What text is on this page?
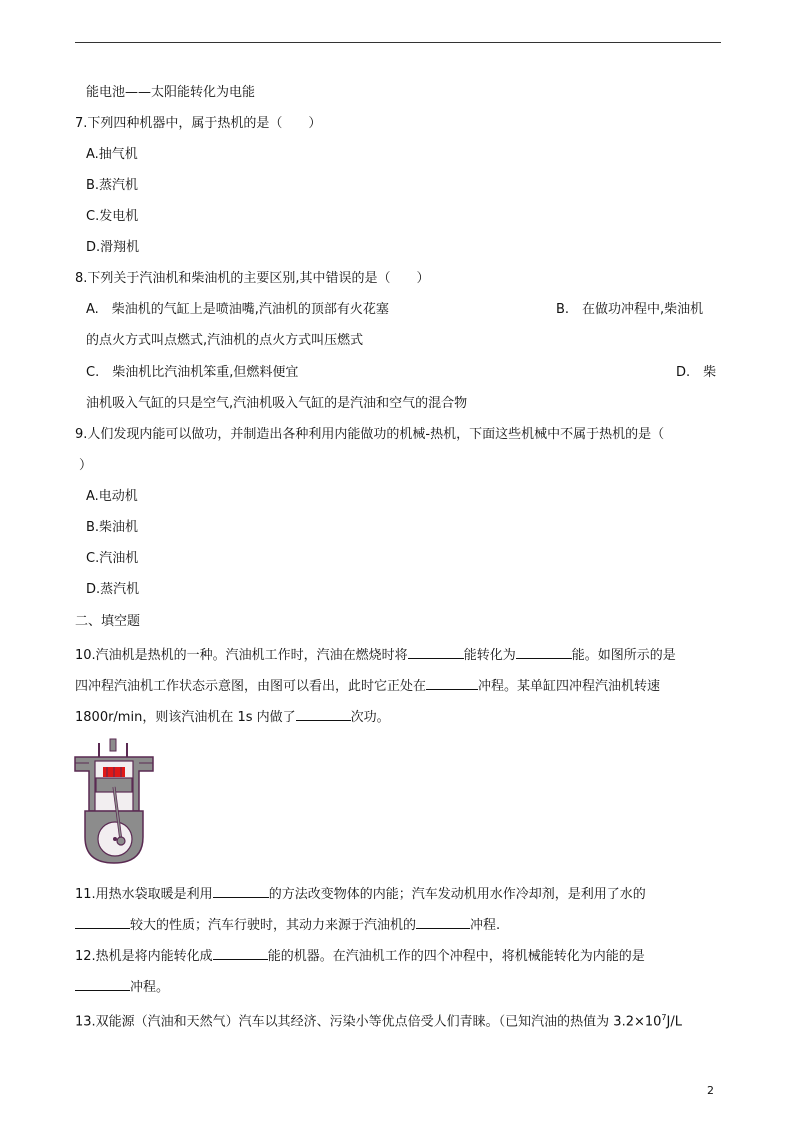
能电池——太阳能转化为电能
7.下列四种机器中，属于热机的是（　　）
A.抽气机
B.蒸汽机
C.发电机
D.滑翔机
8.下列关于汽油机和柴油机的主要区别,其中错误的是（　　）
A.　柴油机的气缸上是喷油嘴,汽油机的顶部有火花塞	B.　在做功冲程中,柴油机
的点火方式叫点燃式,汽油机的点火方式叫压燃式
C.　柴油机比汽油机笨重,但燃料便宜	D.　柴
油机吸入气缸的只是空气,汽油机吸入气缸的是汽油和空气的混合物
9.人们发现内能可以做功，并制造出各种利用内能做功的机械-热机，下面这些机械中不属于热机的是（
）
A.电动机
B.柴油机
C.汽油机
D.蒸汽机
二、填空题
10.汽油机是热机的一种。汽油机工作时，汽油在燃烧时将	能转化为	能。如图所示的是
四冲程汽油机工作状态示意图，由图可以看出，此时它正处在	冲程。某单缸四冲程汽油机转速
1800r/min，则该汽油机在 1s 内做了	次功。
11.用热水袋取暖是利用	的方法改变物体的内能；汽车发动机用水作冷却剂，是利用了水的
较大的性质；汽车行驶时，其动力来源于汽油机的	冲程.
12.热机是将内能转化成	能的机器。在汽油机工作的四个冲程中，将机械能转化为内能的是
冲程。
13.双能源（汽油和天然气）汽车以其经济、污染小等优点倍受人们青睐。（已知汽油的热值为 $3.2\times 10^7J/L$
2
